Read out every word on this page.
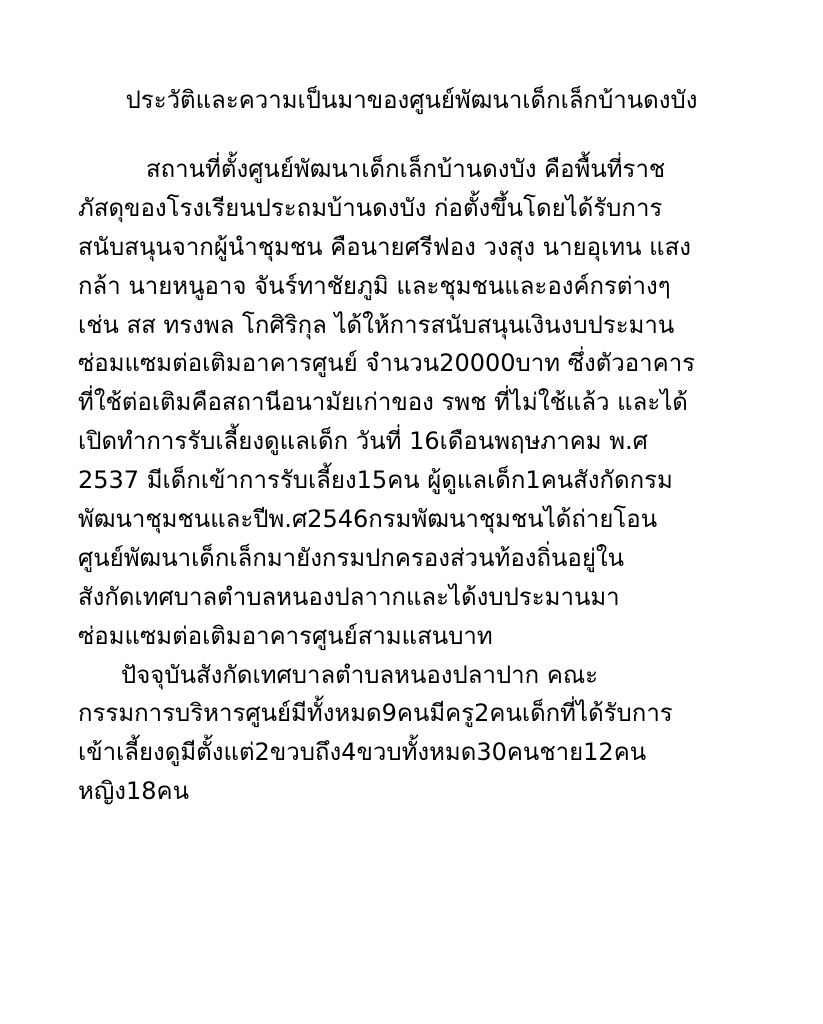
ประวัติและความเป็นมาของศูนย์พัฒนาเด็กเล็กบ้านดงบัง
สถานที่ตั้งศูนย์พัฒนาเด็กเล็กบ้านดงบัง คือพื้นที่ราช
ภัสดุของโรงเรียนประถมบ้านดงบัง ก่อตั้งขึ้นโดยได้รับการ
สนับสนุนจากผู้นำชุมชน คือนายศรีฟอง วงสุง นายอุเทน แสง
กล้า นายหนูอาจ จันร์ทาชัยภูมิ และชุมชนและองค์กรต่างๆ
เช่น สส ทรงพล โกศิริกุล ได้ให้การสนับสนุนเงินงบประมาน
ซ่อมแซมต่อเติมอาคารศูนย์ จำนวน20000บาท ซึ่งตัวอาคาร
ที่ใช้ต่อเติมคือสถานีอนามัยเก่าของ รพช ที่ไม่ใช้แล้ว และได้
เปิดทำการรับเลี้ยงดูแลเด็ก วันที่ 16เดือนพฤษภาคม พ.ศ
2537 มีเด็กเข้าการรับเลี้ยง15คน ผู้ดูแลเด็ก1คนสังกัดกรม
พัฒนาชุมชนและปีพ.ศ2546กรมพัฒนาชุมชนได้ถ่ายโอน
ศูนย์พัฒนาเด็กเล็กมายังกรมปกครองส่วนท้องถิ่นอยู่ใน
สังกัดเทศบาลตำบลหนองปลาากและได้งบประมานมา
ซ่อมแซมต่อเติมอาคารศูนย์สามแสนบาท
ปัจจุบันสังกัดเทศบาลตำบลหนองปลาปาก คณะ
กรรมการบริหารศูนย์มีทั้งหมด9คนมีครู2คนเด็กที่ได้รับการ
เข้าเลี้ยงดูมีตั้งแต่2ขวบถึง4ขวบทั้งหมด30คนชาย12คน
หญิง18คน
